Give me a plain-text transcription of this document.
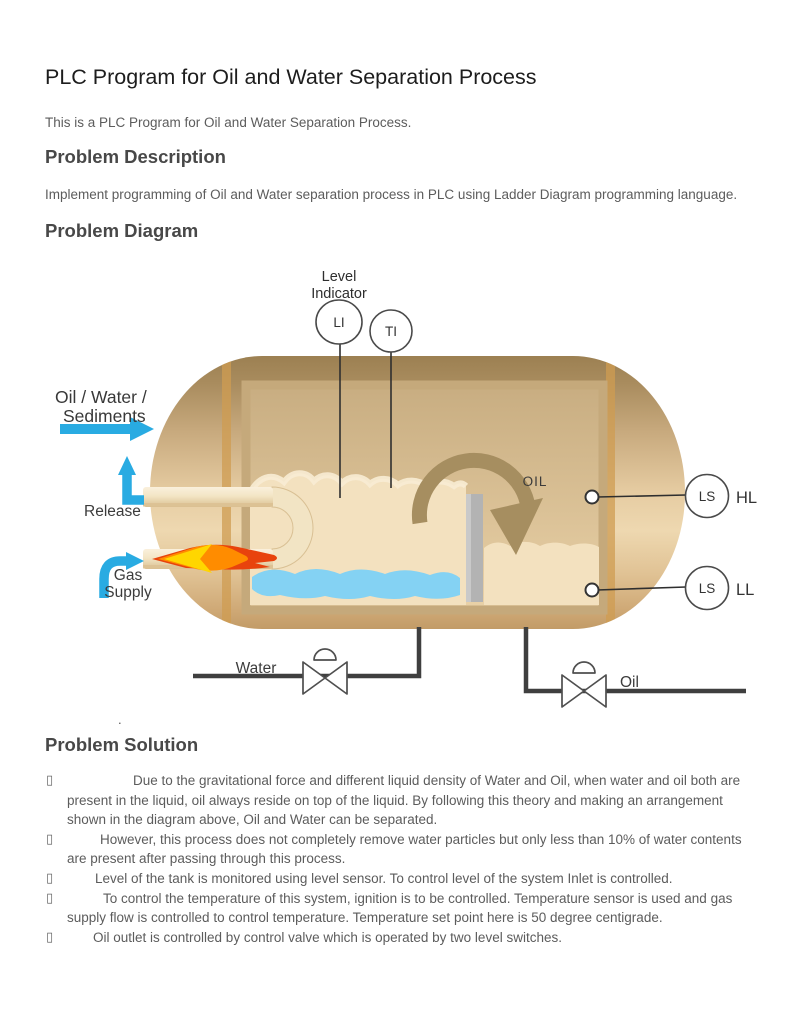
PLC Program for Oil and Water Separation Process

This is a PLC Program for Oil and Water Separation Process.

Problem Description

Implement programming of Oil and Water separation process in PLC using Ladder Diagram programming language.

Problem Diagram
Level
Indicator
LI
TI
Oil / Water /
Sediments
Release
Gas
Supply
OIL
LS
LS
HL
LL
Water
Oil
.
Problem Solution
▯	Due to the gravitational force and different liquid density of Water and Oil, when water and oil both are present in the liquid, oil always reside on top of the liquid. By following this theory and making an arrangement shown in the diagram above, Oil and Water can be separated.
▯	However, this process does not completely remove water particles but only less than 10% of water contents are present after passing through this process.
▯	Level of the tank is monitored using level sensor. To control level of the system Inlet is controlled.
▯	To control the temperature of this system, ignition is to be controlled. Temperature sensor is used and gas supply flow is controlled to control temperature. Temperature set point here is 50 degree centigrade.
▯	Oil outlet is controlled by control valve which is operated by two level switches.
